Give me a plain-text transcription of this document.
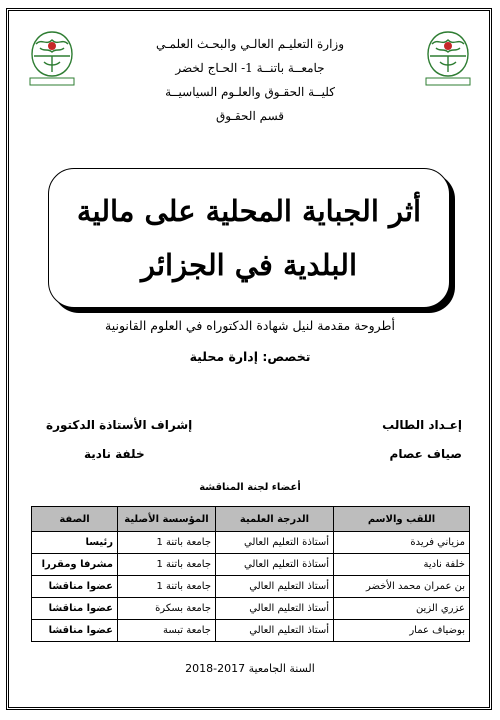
وزارة التعليـم العالـي والبحـث العلمـي
جامعــة باتنــة 1- الحـاج لخضر
كليــة الحقـوق والعلـوم السياسيــة
قسم الحقـوق
أثر الجباية المحلية على مالية
البلدية في الجزائر
أطروحة مقدمة لنيل شهادة الدكتوراه في العلوم القانونية
تخصص: إدارة محلية
إعـداد الطالب
صياف عصام
إشراف الأستاذة الدكتورة
خلفة نادية
أعضاء لجنة المناقشة
اللقب والاسم	الدرجة العلمية	المؤسسة الأصلية	الصفة
مزياني فريدة	أستاذة التعليم العالي	جامعة باتنة 1	رئيسا
خلفة نادية	أستاذة التعليم العالي	جامعة باتنة 1	مشرفا ومقررا
بن عمران محمد الأخضر	أستاذ التعليم العالي	جامعة باتنة 1	عضوا مناقشا
عزري الزين	أستاذ التعليم العالي	جامعة بسكرة	عضوا مناقشا
بوضياف عمار	أستاذ التعليم العالي	جامعة تبسة	عضوا مناقشا
السنة الجامعية 2017-2018
